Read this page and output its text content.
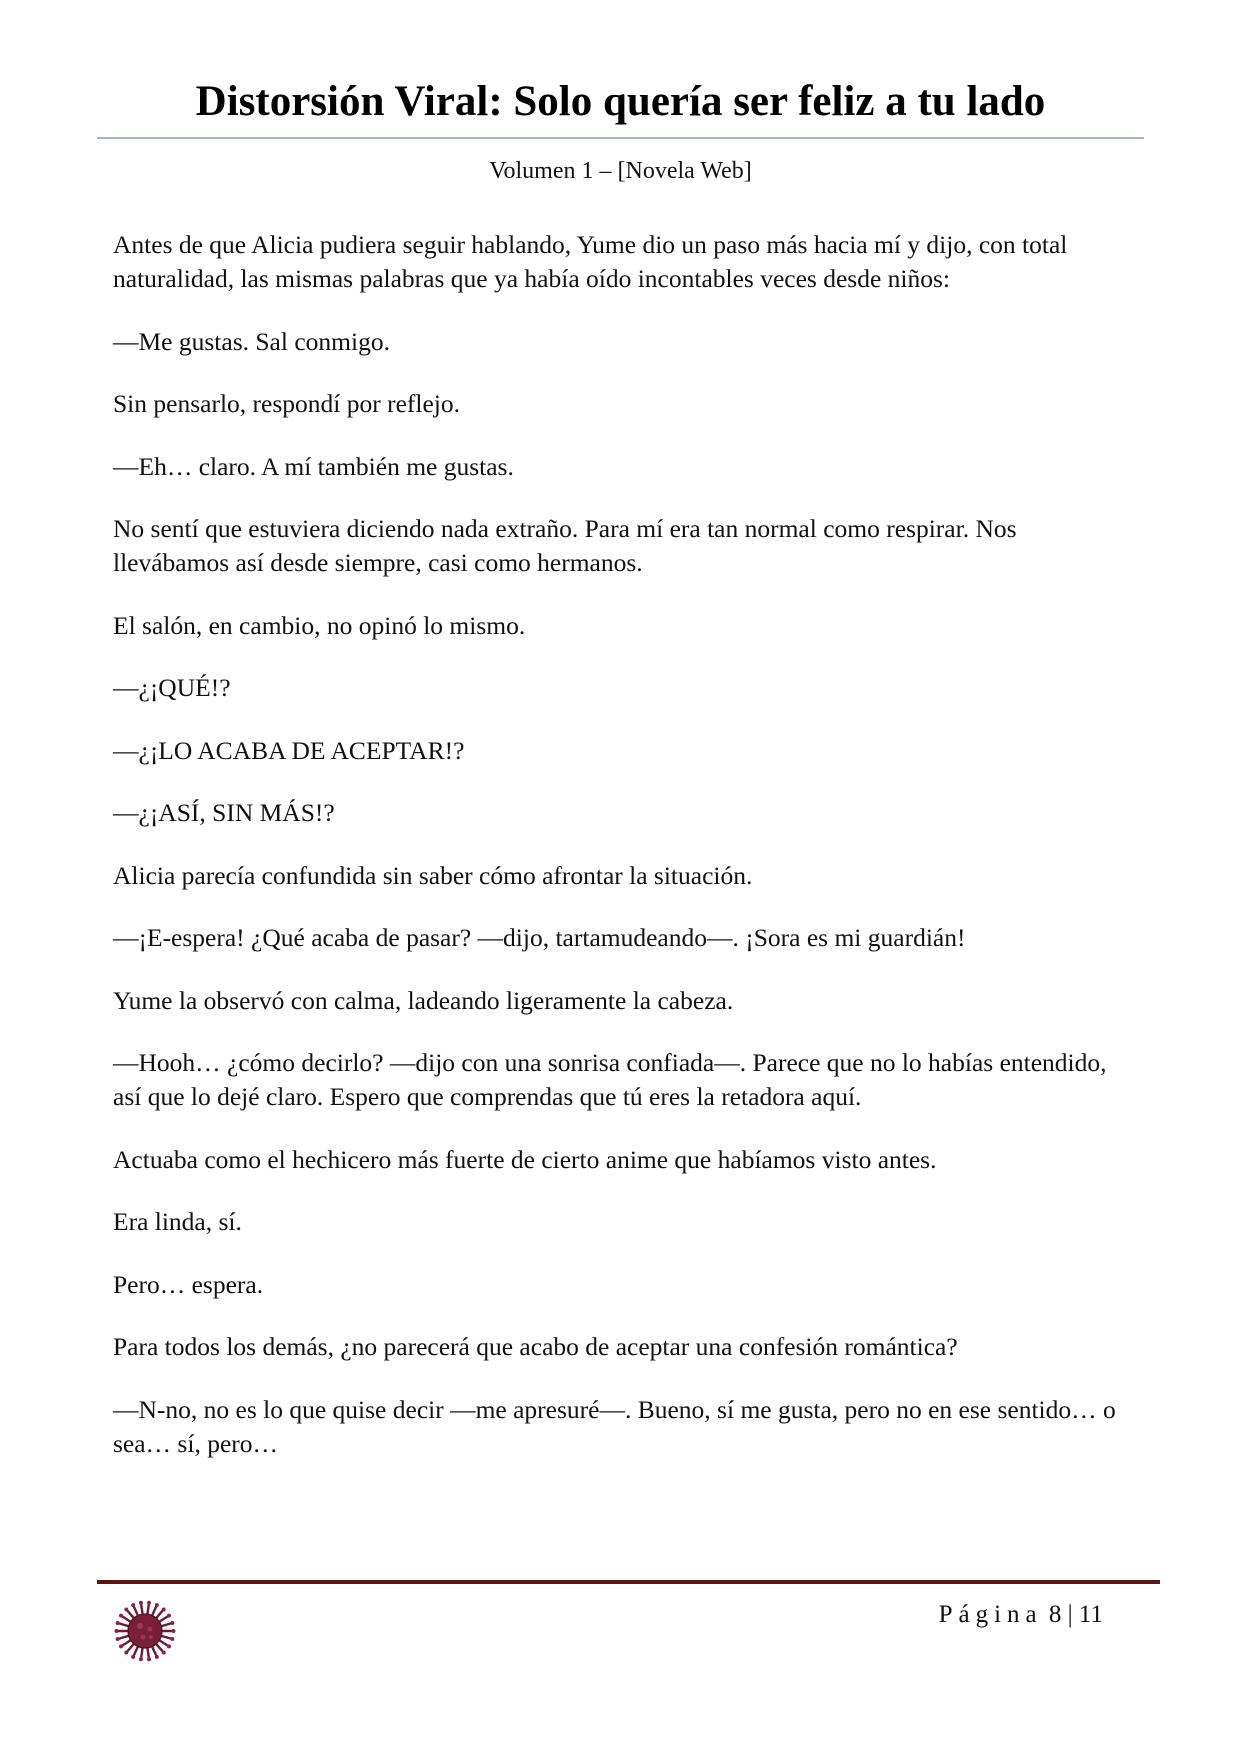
Distorsión Viral: Solo quería ser feliz a tu lado
Volumen 1 – [Novela Web]

Antes de que Alicia pudiera seguir hablando, Yume dio un paso más hacia mí y dijo, con total naturalidad, las mismas palabras que ya había oído incontables veces desde niños:

—Me gustas. Sal conmigo.

Sin pensarlo, respondí por reflejo.

—Eh… claro. A mí también me gustas.

No sentí que estuviera diciendo nada extraño. Para mí era tan normal como respirar. Nos llevábamos así desde siempre, casi como hermanos.

El salón, en cambio, no opinó lo mismo.

—¿¡QUÉ!?

—¿¡LO ACABA DE ACEPTAR!?

—¿¡ASÍ, SIN MÁS!?

Alicia parecía confundida sin saber cómo afrontar la situación.

—¡E-espera! ¿Qué acaba de pasar? —dijo, tartamudeando—. ¡Sora es mi guardián!

Yume la observó con calma, ladeando ligeramente la cabeza.

—Hooh… ¿cómo decirlo? —dijo con una sonrisa confiada—. Parece que no lo habías entendido, así que lo dejé claro. Espero que comprendas que tú eres la retadora aquí.

Actuaba como el hechicero más fuerte de cierto anime que habíamos visto antes.

Era linda, sí.

Pero… espera.

Para todos los demás, ¿no parecerá que acabo de aceptar una confesión romántica?

—N-no, no es lo que quise decir —me apresuré—. Bueno, sí me gusta, pero no en ese sentido… o sea… sí, pero…

Página 8 | 11
